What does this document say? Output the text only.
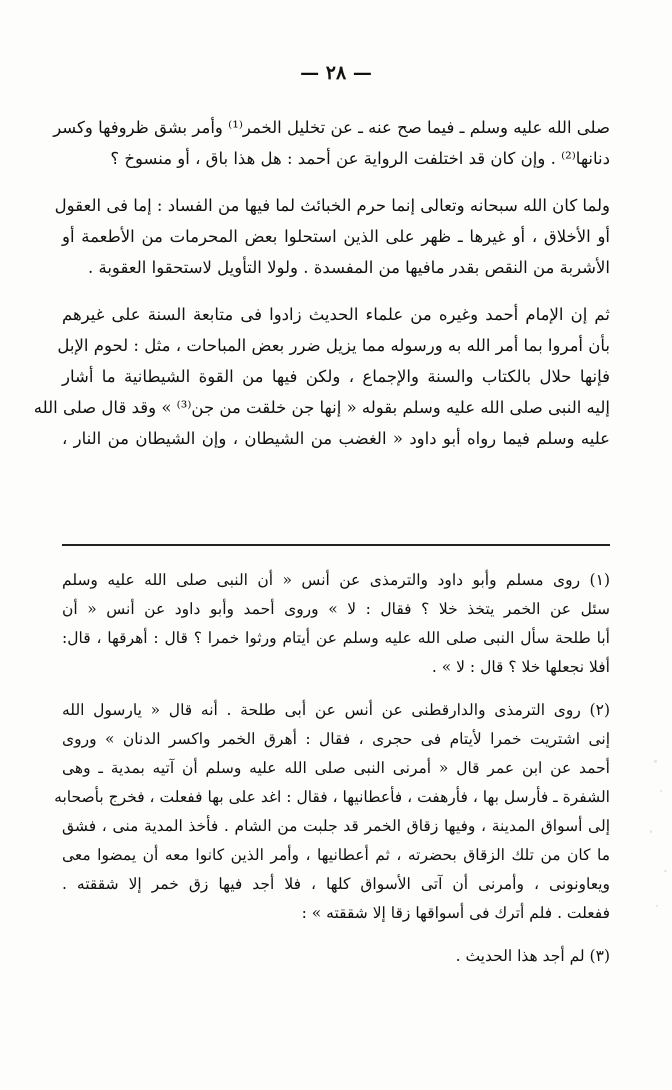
— ٢٨ —

صلى الله عليه وسلم ـ فيما صح عنه ـ عن تخليل الخمر⁽¹⁾ وأمر بشق ظروفها وكسر
دنانها⁽²⁾ . وإن كان قد اختلفت الرواية عن أحمد : هل هذا باق ، أو منسوخ ؟

ولما كان الله سبحانه وتعالى إنما حرم الخبائث لما فيها من الفساد : إما فى العقول
أو الأخلاق ، أو غيرها ـ ظهر على الذين استحلوا بعض المحرمات من الأطعمة أو
الأشربة من النقص بقدر مافيها من المفسدة . ولولا التأويل لاستحقوا العقوبة .

ثم إن الإمام أحمد وغيره من علماء الحديث زادوا فى متابعة السنة على غيرهم
بأن أمروا بما أمر الله به ورسوله مما يزيل ضرر بعض المباحات ، مثل : لحوم الإبل
فإنها حلال بالكتاب والسنة والإجماع ، ولكن فيها من القوة الشيطانية ما أشار
إليه النبى صلى الله عليه وسلم بقوله « إنها جن خلقت من جن⁽³⁾ » وقد قال صلى الله
عليه وسلم فيما رواه أبو داود « الغضب من الشيطان ، وإن الشيطان من النار ،

(١) روى مسلم وأبو داود والترمذى عن أنس « أن النبى صلى الله عليه وسلم
سئل عن الخمر يتخذ خلا ؟ فقال : لا » وروى أحمد وأبو داود عن أنس « أن
أبا طلحة سأل النبى صلى الله عليه وسلم عن أيتام ورثوا خمرا ؟ قال : أهرقها ، قال:
أفلا نجعلها خلا ؟ قال : لا » .

(٢) روى الترمذى والدارقطنى عن أنس عن أبى طلحة . أنه قال « يارسول الله
إنى اشتريت خمرا لأيتام فى حجرى ، فقال : أهرق الخمر واكسر الدنان » وروى
أحمد عن ابن عمر قال « أمرنى النبى صلى الله عليه وسلم أن آتيه بمدية ـ وهى
الشفرة ـ فأرسل بها ، فأرهفت ، فأعطانيها ، فقال : اغد على بها ففعلت ، فخرج بأصحابه
إلى أسواق المدينة ، وفيها زقاق الخمر قد جلبت من الشام . فأخذ المدية منى ، فشق
ما كان من تلك الزقاق بحضرته ، ثم أعطانيها ، وأمر الذين كانوا معه أن يمضوا معى
ويعاونونى ، وأمرنى أن آتى الأسواق كلها ، فلا أجد فيها زق خمر إلا شققته .
ففعلت . فلم أترك فى أسواقها زقا إلا شققته » :

(٣) لم أجد هذا الحديث .
